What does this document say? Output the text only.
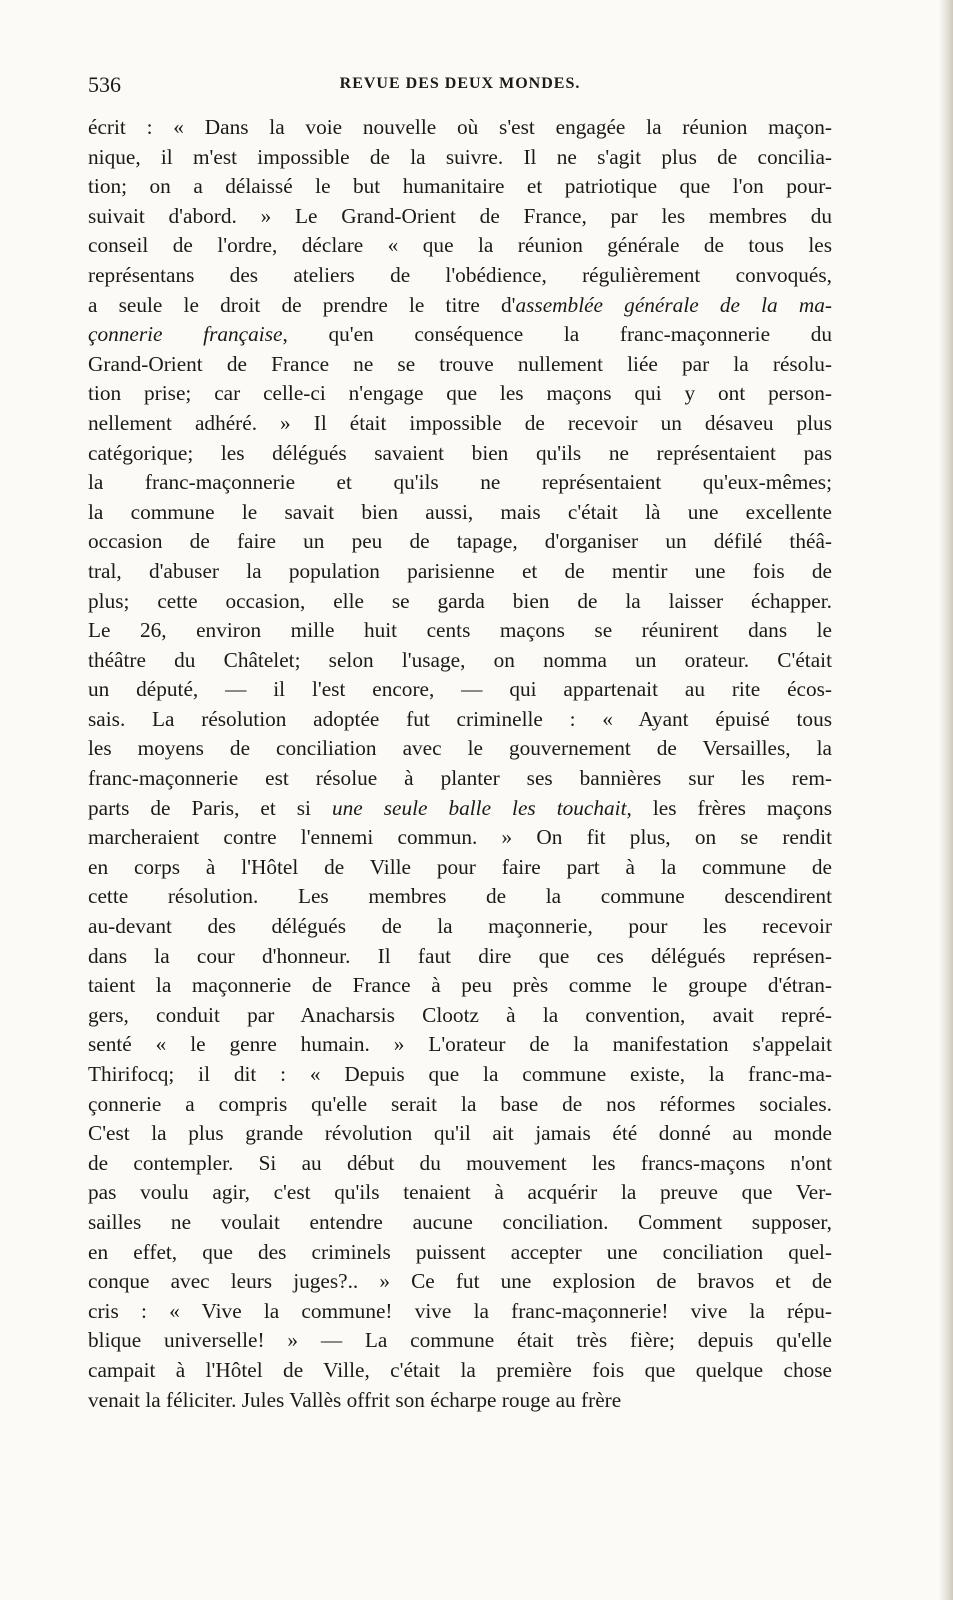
536	REVUE DES DEUX MONDES.
écrit : « Dans la voie nouvelle où s'est engagée la réunion maçon-
nique, il m'est impossible de la suivre. Il ne s'agit plus de concilia-
tion; on a délaissé le but humanitaire et patriotique que l'on pour-
suivait d'abord. » Le Grand-Orient de France, par les membres du
conseil de l'ordre, déclare « que la réunion générale de tous les
représentans des ateliers de l'obédience, régulièrement convoqués,
a seule le droit de prendre le titre d'assemblée générale de la ma-
çonnerie française, qu'en conséquence la franc-maçonnerie du
Grand-Orient de France ne se trouve nullement liée par la résolu-
tion prise; car celle-ci n'engage que les maçons qui y ont person-
nellement adhéré. » Il était impossible de recevoir un désaveu plus
catégorique; les délégués savaient bien qu'ils ne représentaient pas
la franc-maçonnerie et qu'ils ne représentaient qu'eux-mêmes;
la commune le savait bien aussi, mais c'était là une excellente
occasion de faire un peu de tapage, d'organiser un défilé théâ-
tral, d'abuser la population parisienne et de mentir une fois de
plus; cette occasion, elle se garda bien de la laisser échapper.
Le 26, environ mille huit cents maçons se réunirent dans le
théâtre du Châtelet; selon l'usage, on nomma un orateur. C'était
un député, — il l'est encore, — qui appartenait au rite écos-
sais. La résolution adoptée fut criminelle : « Ayant épuisé tous
les moyens de conciliation avec le gouvernement de Versailles, la
franc-maçonnerie est résolue à planter ses bannières sur les rem-
parts de Paris, et si une seule balle les touchait, les frères maçons
marcheraient contre l'ennemi commun. » On fit plus, on se rendit
en corps à l'Hôtel de Ville pour faire part à la commune de
cette résolution. Les membres de la commune descendirent
au-devant des délégués de la maçonnerie, pour les recevoir
dans la cour d'honneur. Il faut dire que ces délégués représen-
taient la maçonnerie de France à peu près comme le groupe d'étran-
gers, conduit par Anacharsis Clootz à la convention, avait repré-
senté « le genre humain. » L'orateur de la manifestation s'appelait
Thirifocq; il dit : « Depuis que la commune existe, la franc-ma-
çonnerie a compris qu'elle serait la base de nos réformes sociales.
C'est la plus grande révolution qu'il ait jamais été donné au monde
de contempler. Si au début du mouvement les francs-maçons n'ont
pas voulu agir, c'est qu'ils tenaient à acquérir la preuve que Ver-
sailles ne voulait entendre aucune conciliation. Comment supposer,
en effet, que des criminels puissent accepter une conciliation quel-
conque avec leurs juges?.. » Ce fut une explosion de bravos et de
cris : « Vive la commune! vive la franc-maçonnerie! vive la répu-
blique universelle! » — La commune était très fière; depuis qu'elle
campait à l'Hôtel de Ville, c'était la première fois que quelque chose
venait la féliciter. Jules Vallès offrit son écharpe rouge au frère
